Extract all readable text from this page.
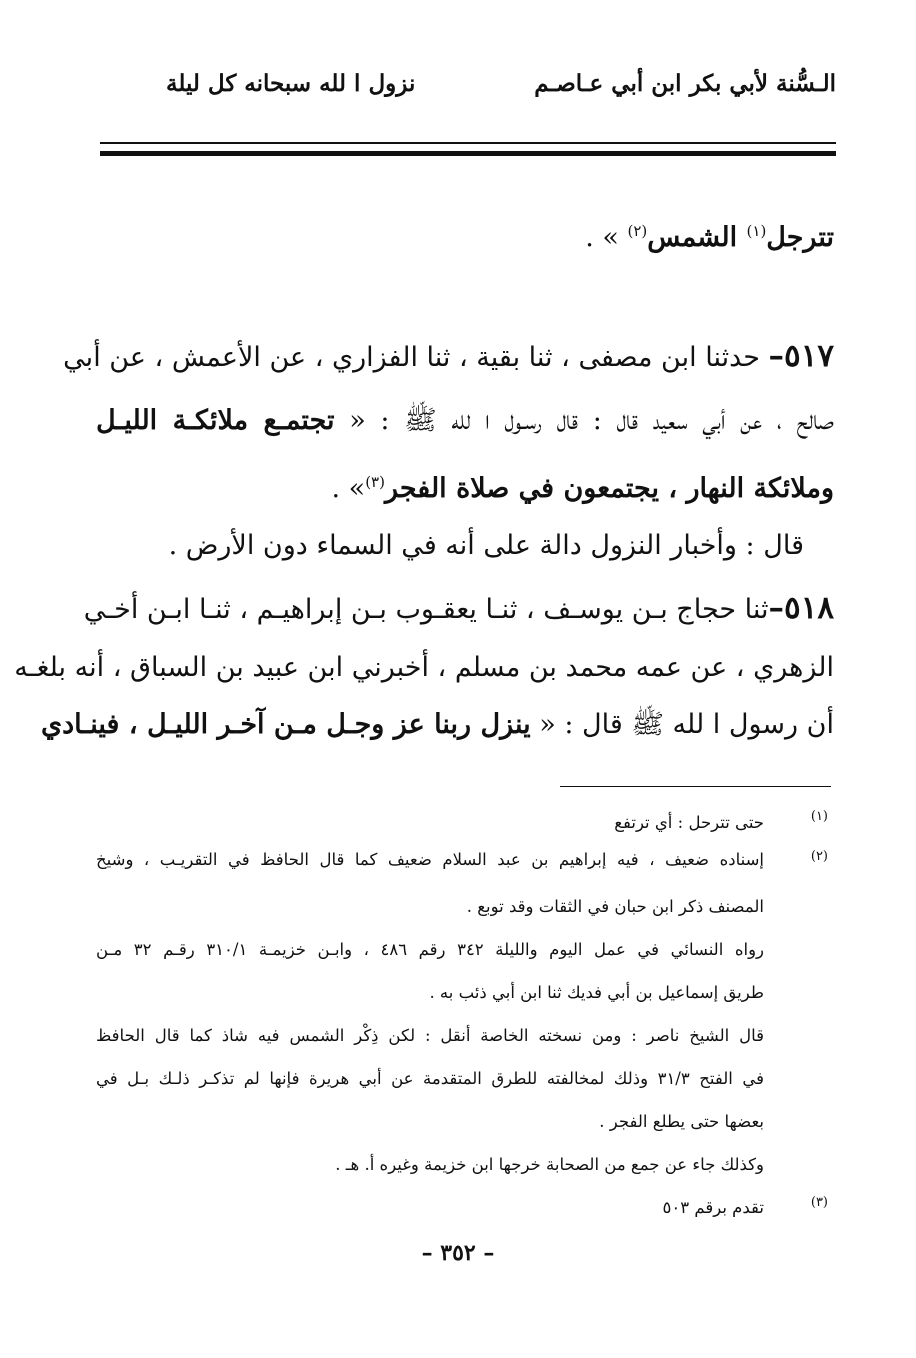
الـسُّنة لأبي بكر ابن أبي عـاصـم
نزول ا لله سبحانه كل ليلة
تترجل$^{(١)}$ الشمس$^{(٢)}$ » .
٥١٧– حدثنا ابن مصفى ، ثنا بقية ، ثنا الفزاري ، عن الأعمش ، عن أبي
صالح ، عن أبي سعيد قال : قال رسـول ا لله ﷺ : « تجتمـع ملائكـة الليـل
وملائكة النهار ، يجتمعون في صلاة الفجر$^{(٣)}$» .
قال : وأخبار النزول دالة على أنه في السماء دون الأرض .
٥١٨–ثنا حجاج بـن يوسـف ، ثنـا يعقـوب بـن إبراهيـم ، ثنـا ابـن أخـي
الزهري ، عن عمه محمد بن مسلم ، أخبرني ابن عبيد بن السباق ، أنه بلغـه
أن رسول ا لله ﷺ قال : « ينزل ربنا عز وجـل مـن آخـر الليـل ، فينـادي
(١)
حتى تترحل : أي ترتفع
(٢)
إسناده ضعيف ، فيه إبراهيم بن عبد السلام ضعيف كما قال الحافظ في التقريـب ، وشيخ
المصنف ذكر ابن حبان في الثقات وقد توبع .
رواه النسائي في عمل اليوم والليلة ٣٤٢ رقم ٤٨٦ ، وابـن خزيمـة ٣١٠/١ رقـم ٣٢ مـن
طريق إسماعيل بن أبي فديك ثنا ابن أبي ذئب به .
قال الشيخ ناصر : ومن نسخته الخاصة أنقل : لكن ذِكْر الشمس فيه شاذ كما قال الحافظ
في الفتح ٣١/٣ وذلك لمخالفته للطرق المتقدمة عن أبي هريرة فإنها لم تذكـر ذلـك بـل في
بعضها حتى يطلع الفجر .
وكذلك جاء عن جمع من الصحابة خرجها ابن خزيمة وغيره أ. هـ .
(٣)
تقدم برقم ٥٠٣
– ٣٥٢ –
